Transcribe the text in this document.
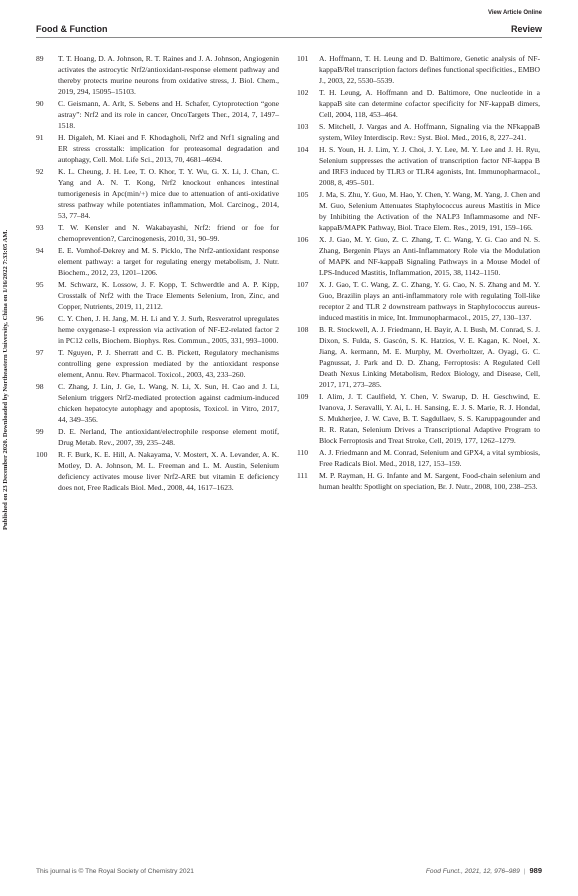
View Article Online
Food & Function	Review
Published on 23 December 2020. Downloaded by Northeastern University, China on 1/16/2022 7:33:05 AM.
89	T. T. Hoang, D. A. Johnson, R. T. Raines and J. A. Johnson, Angiogenin activates the astrocytic Nrf2/antioxidant-response element pathway and thereby protects murine neurons from oxidative stress, J. Biol. Chem., 2019, 294, 15095–15103.
90	C. Geismann, A. Arlt, S. Sebens and H. Schafer, Cytoprotection “gone astray”: Nrf2 and its role in cancer, OncoTargets Ther., 2014, 7, 1497–1518.
91	H. Digaleh, M. Kiaei and F. Khodagholi, Nrf2 and Nrf1 signaling and ER stress crosstalk: implication for proteasomal degradation and autophagy, Cell. Mol. Life Sci., 2013, 70, 4681–4694.
92	K. L. Cheung, J. H. Lee, T. O. Khor, T. Y. Wu, G. X. Li, J. Chan, C. Yang and A. N. T. Kong, Nrf2 knockout enhances intestinal tumorigenesis in Apc(min/+) mice due to attenuation of anti-oxidative stress pathway while potentiates inflammation, Mol. Carcinog., 2014, 53, 77–84.
93	T. W. Kensler and N. Wakabayashi, Nrf2: friend or foe for chemoprevention?, Carcinogenesis, 2010, 31, 90–99.
94	E. E. Vomhof-Dekrey and M. S. Picklo, The Nrf2-antioxidant response element pathway: a target for regulating energy metabolism, J. Nutr. Biochem., 2012, 23, 1201–1206.
95	M. Schwarz, K. Lossow, J. F. Kopp, T. Schwerdtle and A. P. Kipp, Crosstalk of Nrf2 with the Trace Elements Selenium, Iron, Zinc, and Copper, Nutrients, 2019, 11, 2112.
96	C. Y. Chen, J. H. Jang, M. H. Li and Y. J. Surh, Resveratrol upregulates heme oxygenase-1 expression via activation of NF-E2-related factor 2 in PC12 cells, Biochem. Biophys. Res. Commun., 2005, 331, 993–1000.
97	T. Nguyen, P. J. Sherratt and C. B. Pickett, Regulatory mechanisms controlling gene expression mediated by the antioxidant response element, Annu. Rev. Pharmacol. Toxicol., 2003, 43, 233–260.
98	C. Zhang, J. Lin, J. Ge, L. Wang, N. Li, X. Sun, H. Cao and J. Li, Selenium triggers Nrf2-mediated protection against cadmium-induced chicken hepatocyte autophagy and apoptosis, Toxicol. in Vitro, 2017, 44, 349–356.
99	D. E. Nerland, The antioxidant/electrophile response element motif, Drug Metab. Rev., 2007, 39, 235–248.
100	R. F. Burk, K. E. Hill, A. Nakayama, V. Mostert, X. A. Levander, A. K. Motley, D. A. Johnson, M. L. Freeman and L. M. Austin, Selenium deficiency activates mouse liver Nrf2-ARE but vitamin E deficiency does not, Free Radicals Biol. Med., 2008, 44, 1617–1623.
101	A. Hoffmann, T. H. Leung and D. Baltimore, Genetic analysis of NF-kappaB/Rel transcription factors defines functional specificities., EMBO J., 2003, 22, 5530–5539.
102	T. H. Leung, A. Hoffmann and D. Baltimore, One nucleotide in a kappaB site can determine cofactor specificity for NF-kappaB dimers, Cell, 2004, 118, 453–464.
103	S. Mitchell, J. Vargas and A. Hoffmann, Signaling via the NFkappaB system, Wiley Interdiscip. Rev.: Syst. Biol. Med., 2016, 8, 227–241.
104	H. S. Youn, H. J. Lim, Y. J. Choi, J. Y. Lee, M. Y. Lee and J. H. Ryu, Selenium suppresses the activation of transcription factor NF-kappa B and IRF3 induced by TLR3 or TLR4 agonists, Int. Immunopharmacol., 2008, 8, 495–501.
105	J. Ma, S. Zhu, Y. Guo, M. Hao, Y. Chen, Y. Wang, M. Yang, J. Chen and M. Guo, Selenium Attenuates Staphylococcus aureus Mastitis in Mice by Inhibiting the Activation of the NALP3 Inflammasome and NF-kappaB/MAPK Pathway, Biol. Trace Elem. Res., 2019, 191, 159–166.
106	X. J. Gao, M. Y. Guo, Z. C. Zhang, T. C. Wang, Y. G. Cao and N. S. Zhang, Bergenin Plays an Anti-Inflammatory Role via the Modulation of MAPK and NF-kappaB Signaling Pathways in a Mouse Model of LPS-Induced Mastitis, Inflammation, 2015, 38, 1142–1150.
107	X. J. Gao, T. C. Wang, Z. C. Zhang, Y. G. Cao, N. S. Zhang and M. Y. Guo, Brazilin plays an anti-inflammatory role with regulating Toll-like receptor 2 and TLR 2 downstream pathways in Staphylococcus aureus-induced mastitis in mice, Int. Immunopharmacol., 2015, 27, 130–137.
108	B. R. Stockwell, A. J. Friedmann, H. Bayir, A. I. Bush, M. Conrad, S. J. Dixon, S. Fulda, S. Gascón, S. K. Hatzios, V. E. Kagan, K. Noel, X. Jiang, A. kermann, M. E. Murphy, M. Overholtzer, A. Oyagi, G. C. Pagnussat, J. Park and D. D. Zhang, Ferroptosis: A Regulated Cell Death Nexus Linking Metabolism, Redox Biology, and Disease, Cell, 2017, 171, 273–285.
109	I. Alim, J. T. Caulfield, Y. Chen, V. Swarup, D. H. Geschwind, E. Ivanova, J. Seravalli, Y. Ai, L. H. Sansing, E. J. S. Marie, R. J. Hondal, S. Mukherjee, J. W. Cave, B. T. Sagdullaev, S. S. Karuppagounder and R. R. Ratan, Selenium Drives a Transcriptional Adaptive Program to Block Ferroptosis and Treat Stroke, Cell, 2019, 177, 1262–1279.
110	A. J. Friedmann and M. Conrad, Selenium and GPX4, a vital symbiosis, Free Radicals Biol. Med., 2018, 127, 153–159.
111	M. P. Rayman, H. G. Infante and M. Sargent, Food-chain selenium and human health: Spotlight on speciation, Br. J. Nutr., 2008, 100, 238–253.
This journal is © The Royal Society of Chemistry 2021	Food Funct., 2021, 12, 976–989 | 989
